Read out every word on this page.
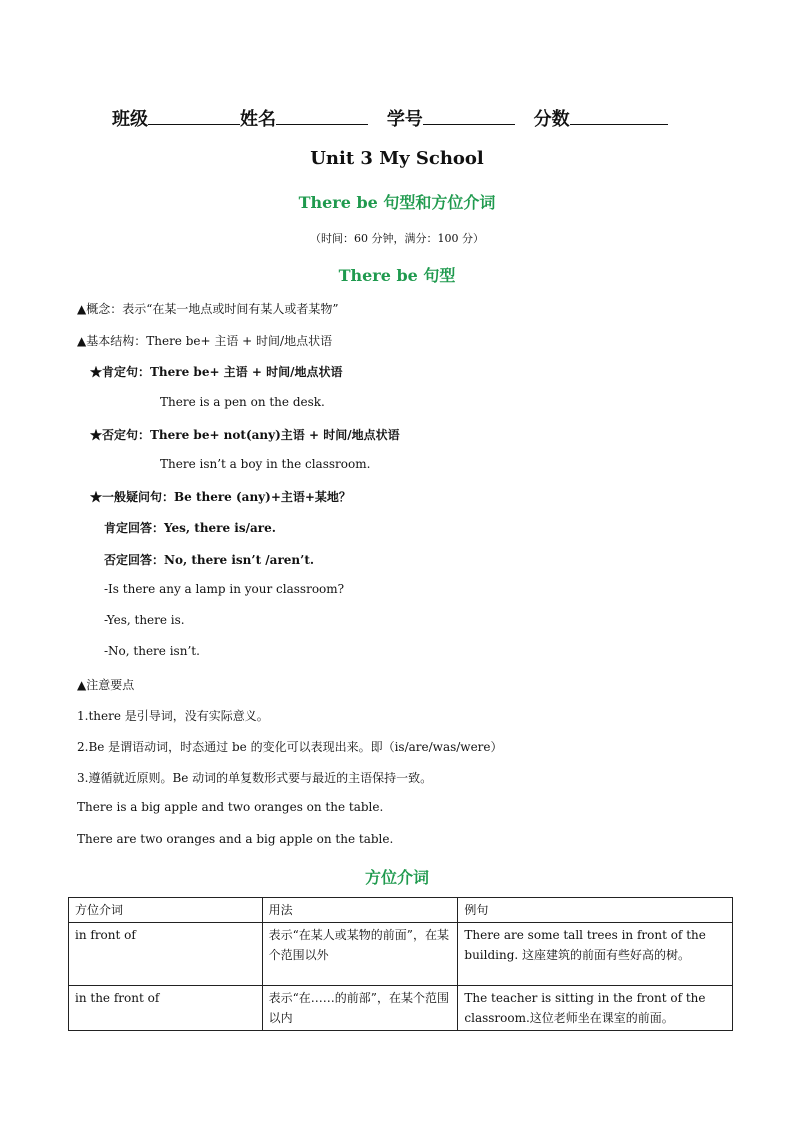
班级	姓名	学号	分数
Unit 3 My School
There be 句型和方位介词
（时间：60 分钟，满分：100 分）
There be 句型
▲概念：表示“在某一地点或时间有某人或者某物”
▲基本结构：There be+ 主语 + 时间/地点状语
★肯定句：There be+ 主语 + 时间/地点状语
There is a pen on the desk.
★否定句：There be+ not(any)主语 + 时间/地点状语
There isn’t a boy in the classroom.
★一般疑问句：Be there (any)+主语+某地？
肯定回答：Yes, there is/are.
否定回答：No, there isn’t /aren’t.
-Is there any a lamp in your classroom?
-Yes, there is.
-No, there isn’t.
▲注意要点
1.there 是引导词，没有实际意义。
2.Be 是谓语动词，时态通过 be 的变化可以表现出来。即（is/are/was/were）
3.遵循就近原则。Be 动词的单复数形式要与最近的主语保持一致。
There is a big apple and two oranges on the table.
There are two oranges and a big apple on the table.
方位介词
方位介词	用法	例句
in front of	表示“在某人或某物的前面”，在某个范围以外	There are some tall trees in front of the building. 这座建筑的前面有些好高的树。
in the front of	表示“在……的前部”，在某个范围以内	The teacher is sitting in the front of the classroom.这位老师坐在课室的前面。
